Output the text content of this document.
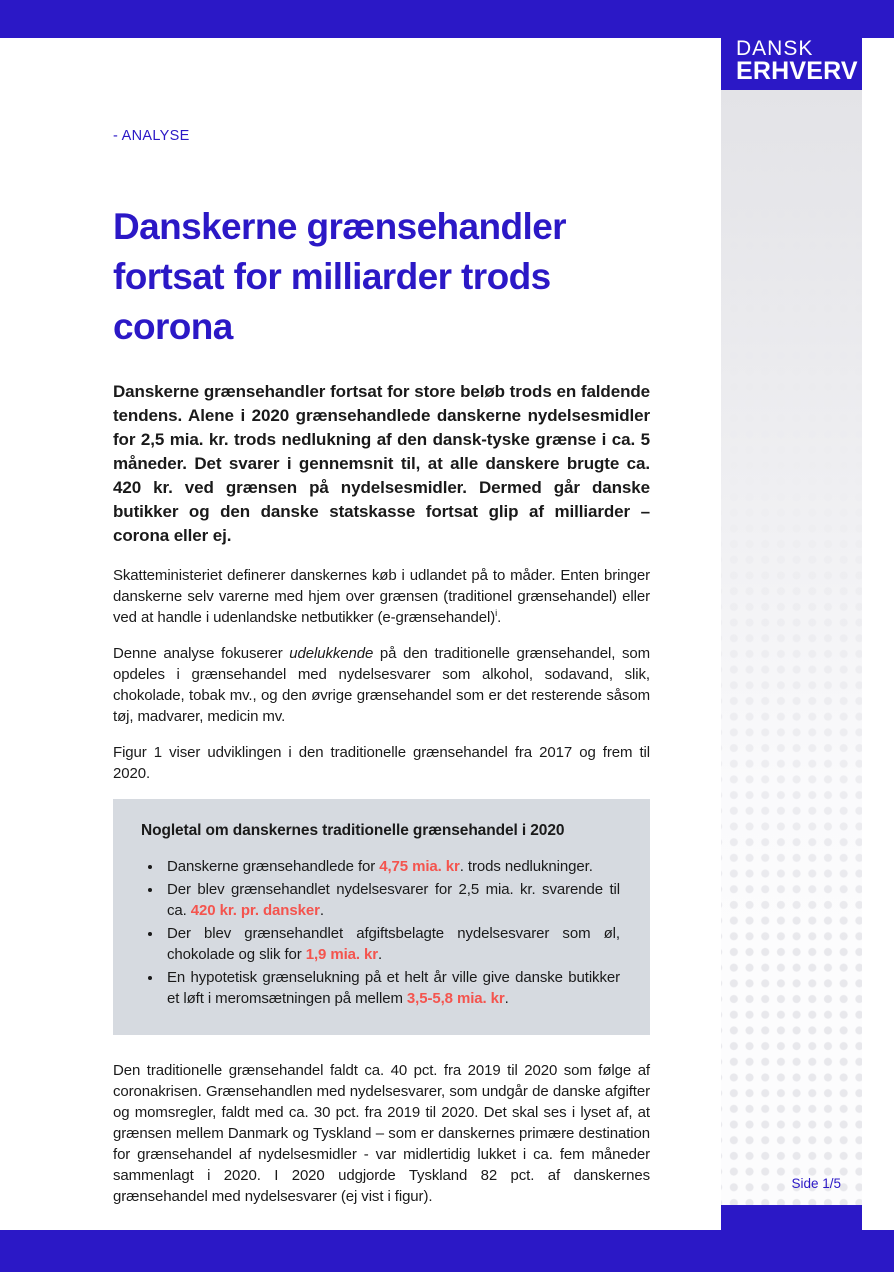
DANSK
ERHVERV
Side 1/5
- ANALYSE
Danskerne grænsehandler
fortsat for milliarder trods
corona

Danskerne grænsehandler fortsat for store beløb trods en faldende tendens. Alene i 2020 grænsehandlede danskerne nydelsesmidler for 2,5 mia. kr. trods nedlukning af den dansk-tyske grænse i ca. 5 måneder. Det svarer i gennemsnit til, at alle danskere brugte ca. 420 kr. ved grænsen på nydelsesmidler. Dermed går danske butikker og den danske statskasse fortsat glip af milliarder – corona eller ej.

Skatteministeriet definerer danskernes køb i udlandet på to måder. Enten bringer danskerne selv varerne med hjem over grænsen (traditionel grænsehandel) eller ved at handle i udenlandske netbutikker (e-grænsehandel)$^i$.

Denne analyse fokuserer udelukkende på den traditionelle grænsehandel, som opdeles i grænsehandel med nydelsesvarer som alkohol, sodavand, slik, chokolade, tobak mv., og den øvrige grænsehandel som er det resterende såsom tøj, madvarer, medicin mv.

Figur 1 viser udviklingen i den traditionelle grænsehandel fra 2017 og frem til 2020.

Nogletal om danskernes traditionelle grænsehandel i 2020
• Danskerne grænsehandlede for 4,75 mia. kr. trods nedlukninger.
• Der blev grænsehandlet nydelsesvarer for 2,5 mia. kr. svarende til ca. 420 kr. pr. dansker.
• Der blev grænsehandlet afgiftsbelagte nydelsesvarer som øl, chokolade og slik for 1,9 mia. kr.
• En hypotetisk grænselukning på et helt år ville give danske butikker et løft i meromsætningen på mellem 3,5-5,8 mia. kr.

Den traditionelle grænsehandel faldt ca. 40 pct. fra 2019 til 2020 som følge af coronakrisen. Grænsehandlen med nydelsesvarer, som undgår de danske afgifter og momsregler, faldt med ca. 30 pct. fra 2019 til 2020. Det skal ses i lyset af, at grænsen mellem Danmark og Tyskland – som er danskernes primære destination for grænsehandel af nydelsesmidler - var midlertidig lukket i ca. fem måneder sammenlagt i 2020. I 2020 udgjorde Tyskland 82 pct. af danskernes grænsehandel med nydelsesvarer (ej vist i figur).
